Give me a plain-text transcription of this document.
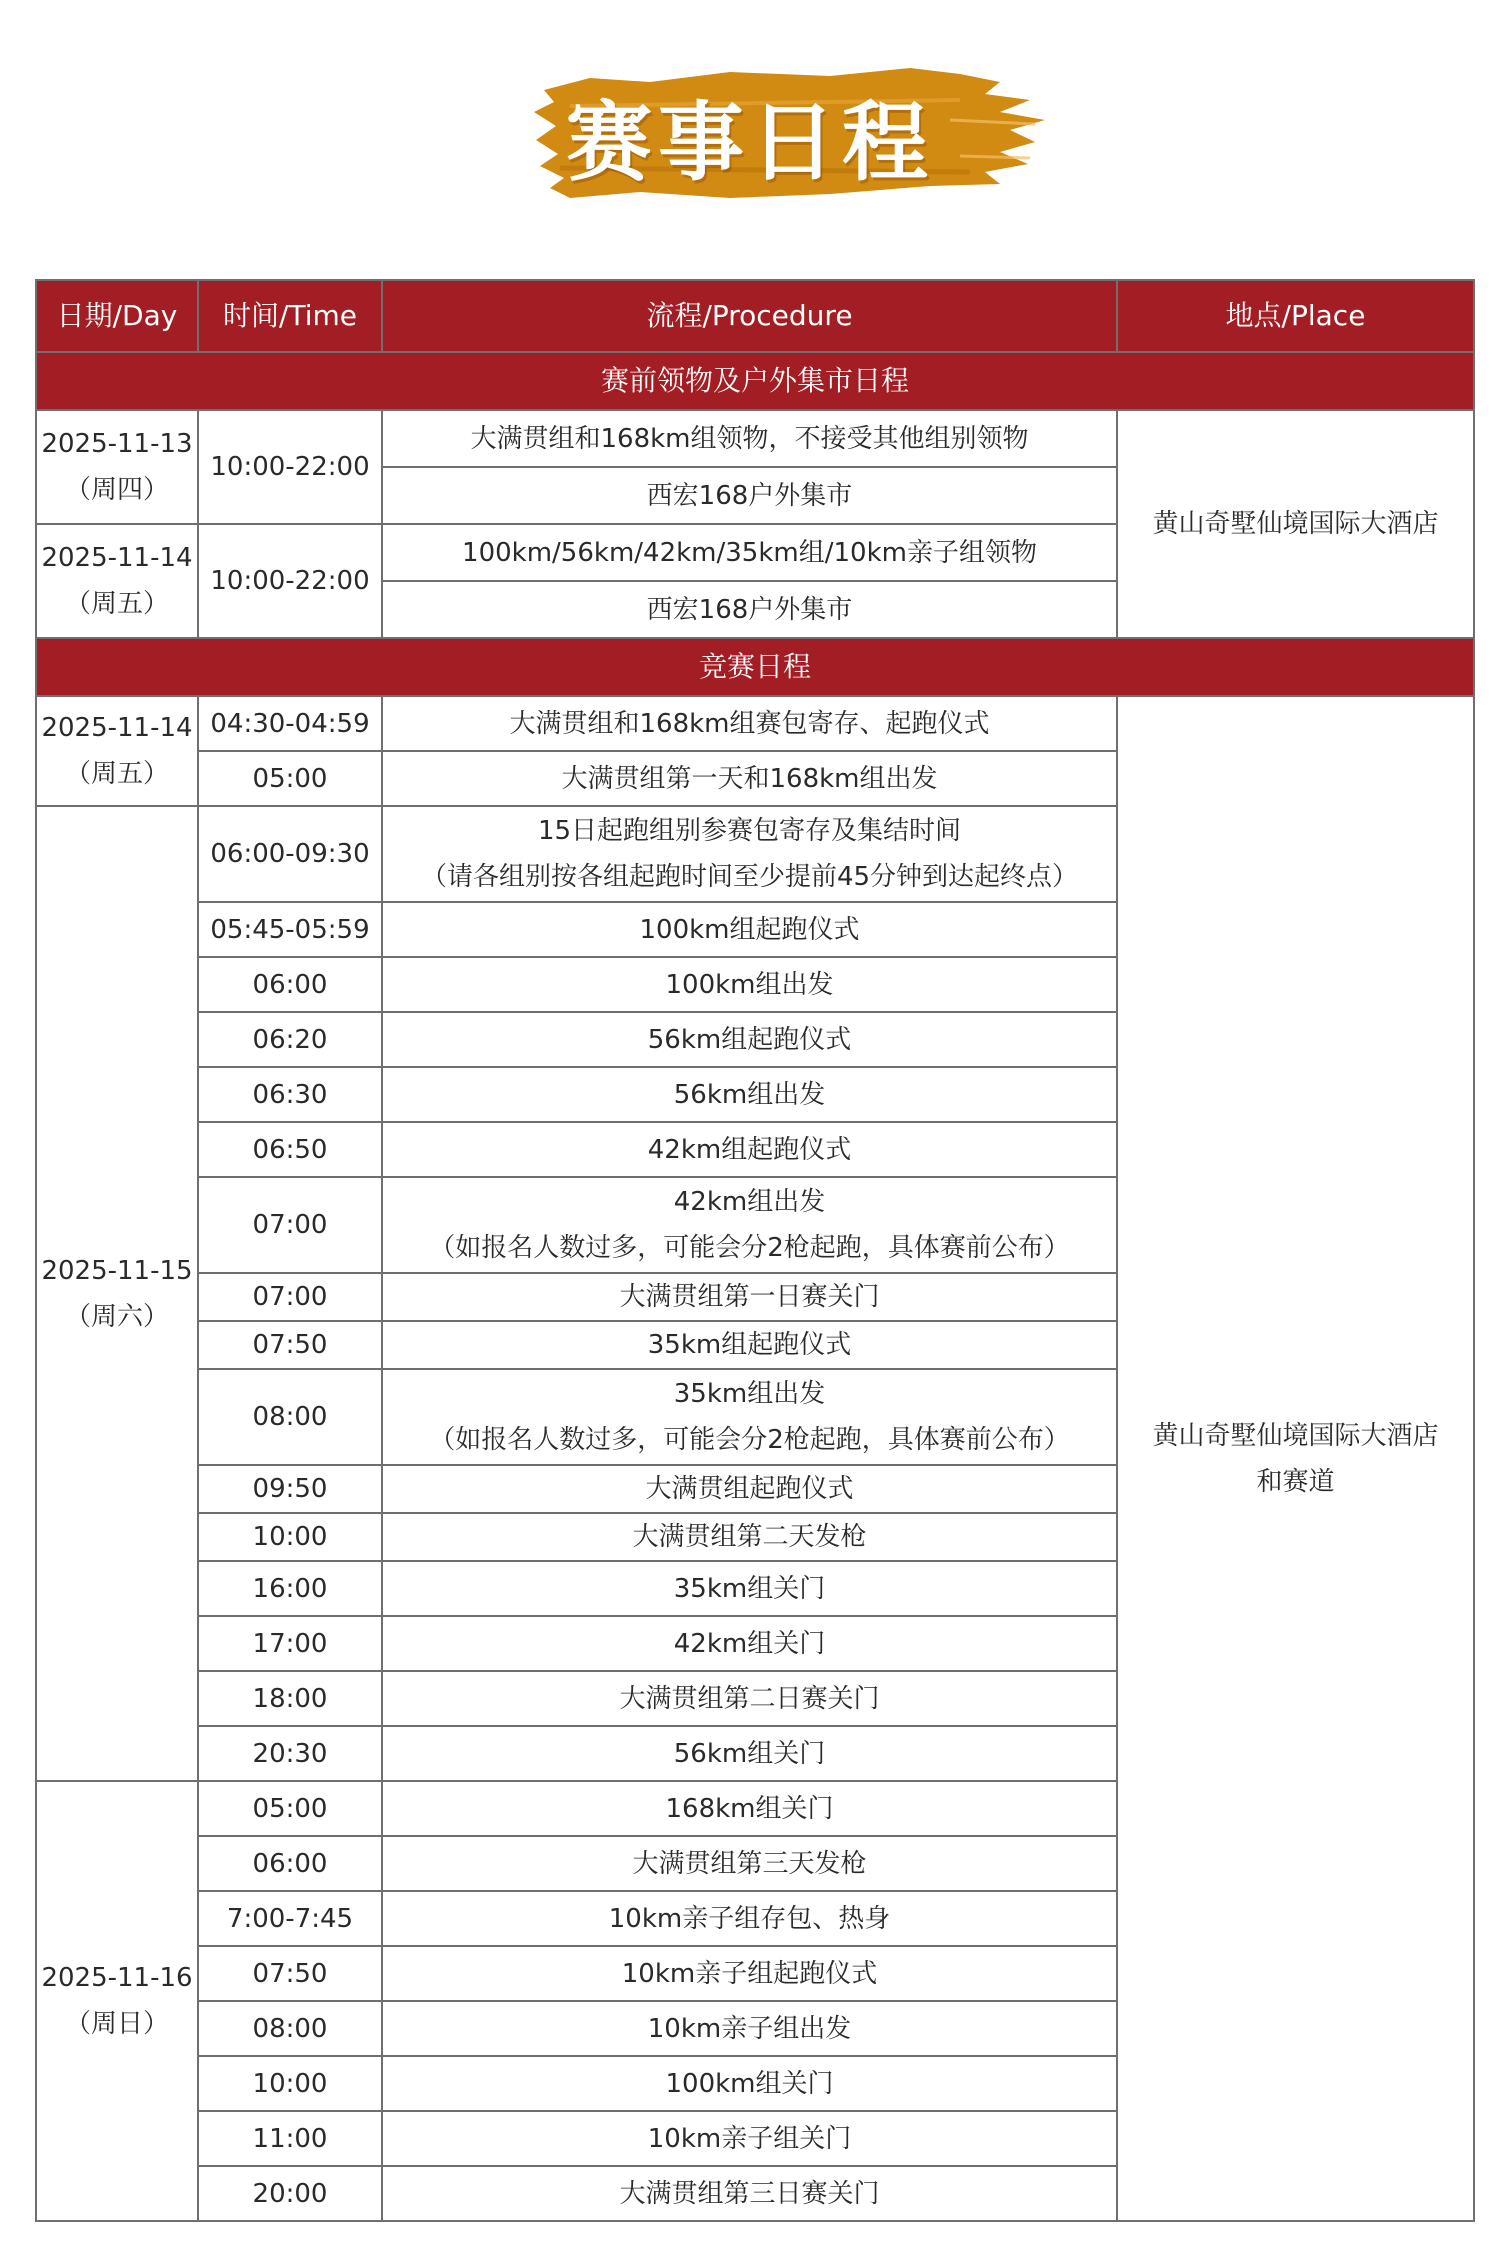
赛事日程
日期/Day	时间/Time	流程/Procedure	地点/Place
赛前领物及户外集市日程			

2025-11-13
（周四）	10:00-22:00	大满贯组和168km组领物，不接受其他组别领物	黄山奇墅仙境国际大酒店
		西宏168户外集市	

2025-11-14
（周五）	10:00-22:00	100km/56km/42km/35km组/10km亲子组领物	
		西宏168户外集市	
竞赛日程			

2025-11-14
（周五）	04:30-04:59	大满贯组和168km组赛包寄存、起跑仪式	黄山奇墅仙境国际大酒店
和赛道

	05:00	大满贯组第一天和168km组出发	

2025-11-15
（周六）	06:00-09:30	15日起跑组别参赛包寄存及集结时间
（请各组别按各组起跑时间至少提前45分钟到达起终点）	

	05:45-05:59	100km组起跑仪式	

	06:00	100km组出发	

	06:20	56km组起跑仪式	

	06:30	56km组出发	

	06:50	42km组起跑仪式	

	07:00	42km组出发
（如报名人数过多，可能会分2枪起跑，具体赛前公布）	

	07:00	大满贯组第一日赛关门	

	07:50	35km组起跑仪式	

	08:00	35km组出发
（如报名人数过多，可能会分2枪起跑，具体赛前公布）	

	09:50	大满贯组起跑仪式	

	10:00	大满贯组第二天发枪	

	16:00	35km组关门	

	17:00	42km组关门	

	18:00	大满贯组第二日赛关门	

	20:30	56km组关门	

2025-11-16
（周日）	05:00	168km组关门	

	06:00	大满贯组第三天发枪	

	7:00-7:45	10km亲子组存包、热身	

	07:50	10km亲子组起跑仪式	

	08:00	10km亲子组出发	

	10:00	100km组关门	

	11:00	10km亲子组关门	

	20:00	大满贯组第三日赛关门	
